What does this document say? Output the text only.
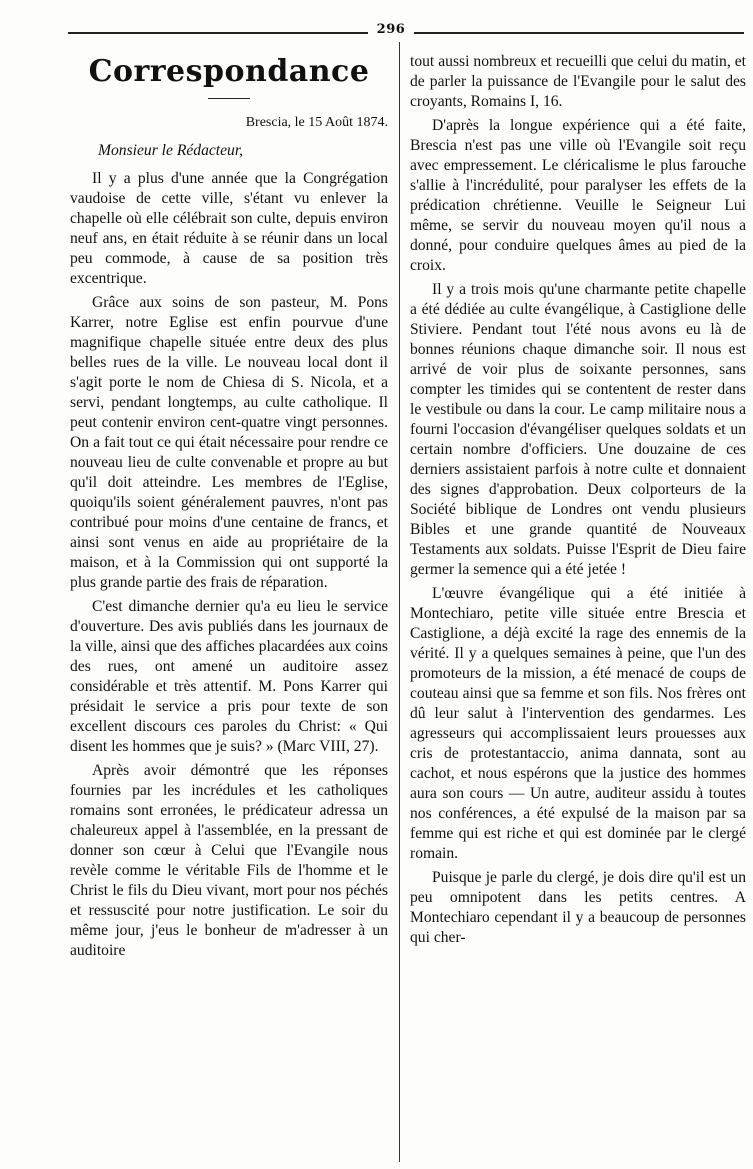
296
Correspondance
Brescia, le 15 Août 1874.
Monsieur le Rédacteur,

Il y a plus d'une année que la Congrégation vaudoise de cette ville, s'étant vu enlever la chapelle où elle célébrait son culte, depuis environ neuf ans, en était réduite à se réunir dans un local peu commode, à cause de sa position très excentrique.

Grâce aux soins de son pasteur, M. Pons Karrer, notre Eglise est enfin pourvue d'une magnifique chapelle située entre deux des plus belles rues de la ville. Le nouveau local dont il s'agit porte le nom de Chiesa di S. Nicola, et a servi, pendant longtemps, au culte catholique. Il peut contenir environ cent-quatre vingt personnes. On a fait tout ce qui était nécessaire pour rendre ce nouveau lieu de culte convenable et propre au but qu'il doit atteindre. Les membres de l'Eglise, quoiqu'ils soient généralement pauvres, n'ont pas contribué pour moins d'une centaine de francs, et ainsi sont venus en aide au propriétaire de la maison, et à la Commission qui ont supporté la plus grande partie des frais de réparation.

C'est dimanche dernier qu'a eu lieu le service d'ouverture. Des avis publiés dans les journaux de la ville, ainsi que des affiches placardées aux coins des rues, ont amené un auditoire assez considérable et très attentif. M. Pons Karrer qui présidait le service a pris pour texte de son excellent discours ces paroles du Christ: « Qui disent les hommes que je suis? » (Marc VIII, 27).

Après avoir démontré que les réponses fournies par les incrédules et les catholiques romains sont erronées, le prédicateur adressa un chaleureux appel à l'assemblée, en la pressant de donner son cœur à Celui que l'Evangile nous revèle comme le véritable Fils de l'homme et le Christ le fils du Dieu vivant, mort pour nos péchés et ressuscité pour notre justification. Le soir du même jour, j'eus le bonheur de m'adresser à un auditoire

tout aussi nombreux et recueilli que celui du matin, et de parler la puissance de l'Evangile pour le salut des croyants, Romains I, 16.

D'après la longue expérience qui a été faite, Brescia n'est pas une ville où l'Evangile soit reçu avec empressement. Le cléricalisme le plus farouche s'allie à l'incrédulité, pour paralyser les effets de la prédication chrétienne. Veuille le Seigneur Lui même, se servir du nouveau moyen qu'il nous a donné, pour conduire quelques âmes au pied de la croix.

Il y a trois mois qu'une charmante petite chapelle a été dédiée au culte évangélique, à Castiglione delle Stiviere. Pendant tout l'été nous avons eu là de bonnes réunions chaque dimanche soir. Il nous est arrivé de voir plus de soixante personnes, sans compter les timides qui se contentent de rester dans le vestibule ou dans la cour. Le camp militaire nous a fourni l'occasion d'évangéliser quelques soldats et un certain nombre d'officiers. Une douzaine de ces derniers assistaient parfois à notre culte et donnaient des signes d'approbation. Deux colporteurs de la Société biblique de Londres ont vendu plusieurs Bibles et une grande quantité de Nouveaux Testaments aux soldats. Puisse l'Esprit de Dieu faire germer la semence qui a été jetée !

L'œuvre évangélique qui a été initiée à Montechiaro, petite ville située entre Brescia et Castiglione, a déjà excité la rage des ennemis de la vérité. Il y a quelques semaines à peine, que l'un des promoteurs de la mission, a été menacé de coups de couteau ainsi que sa femme et son fils. Nos frères ont dû leur salut à l'intervention des gendarmes. Les agresseurs qui accomplissaient leurs prouesses aux cris de protestantaccio, anima dannata, sont au cachot, et nous espérons que la justice des hommes aura son cours — Un autre, auditeur assidu à toutes nos conférences, a été expulsé de la maison par sa femme qui est riche et qui est dominée par le clergé romain.

Puisque je parle du clergé, je dois dire qu'il est un peu omnipotent dans les petits centres. A Montechiaro cependant il y a beaucoup de personnes qui cher-
